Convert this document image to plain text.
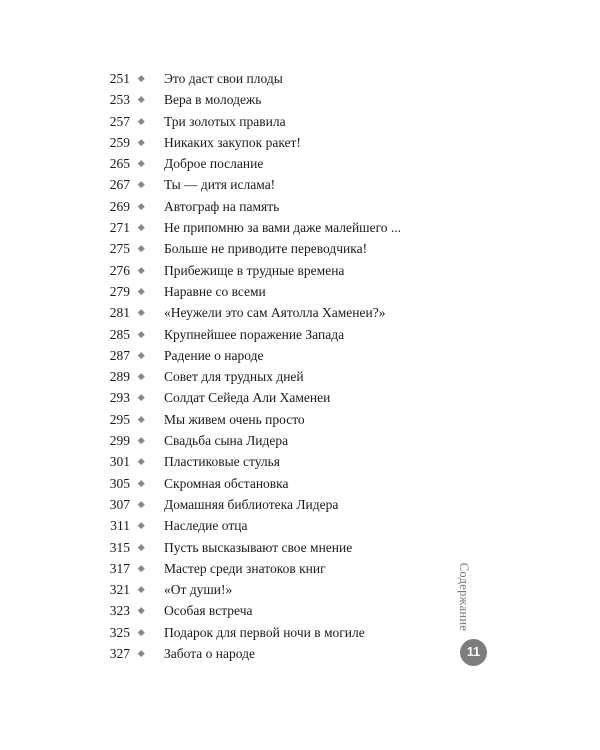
251	Это даст свои плоды
253	Вера в молодежь
257	Три золотых правила
259	Никаких закупок ракет!
265	Доброе послание
267	Ты — дитя ислама!
269	Автограф на память
271	Не припомню за вами даже малейшего ...
275	Больше не приводите переводчика!
276	Прибежище в трудные времена
279	Наравне со всеми
281	«Неужели это сам Аятолла Хаменеи?»
285	Крупнейшее поражение Запада
287	Радение о народе
289	Совет для трудных дней
293	Солдат Сейеда Али Хаменеи
295	Мы живем очень просто
299	Свадьба сына Лидера
301	Пластиковые стулья
305	Скромная обстановка
307	Домашняя библиотека Лидера
311	Наследие отца
315	Пусть высказывают свое мнение
317	Мастер среди знатоков книг
321	«От души!»
323	Особая встреча
325	Подарок для первой ночи в могиле
327	Забота о народе
Содержание
11
